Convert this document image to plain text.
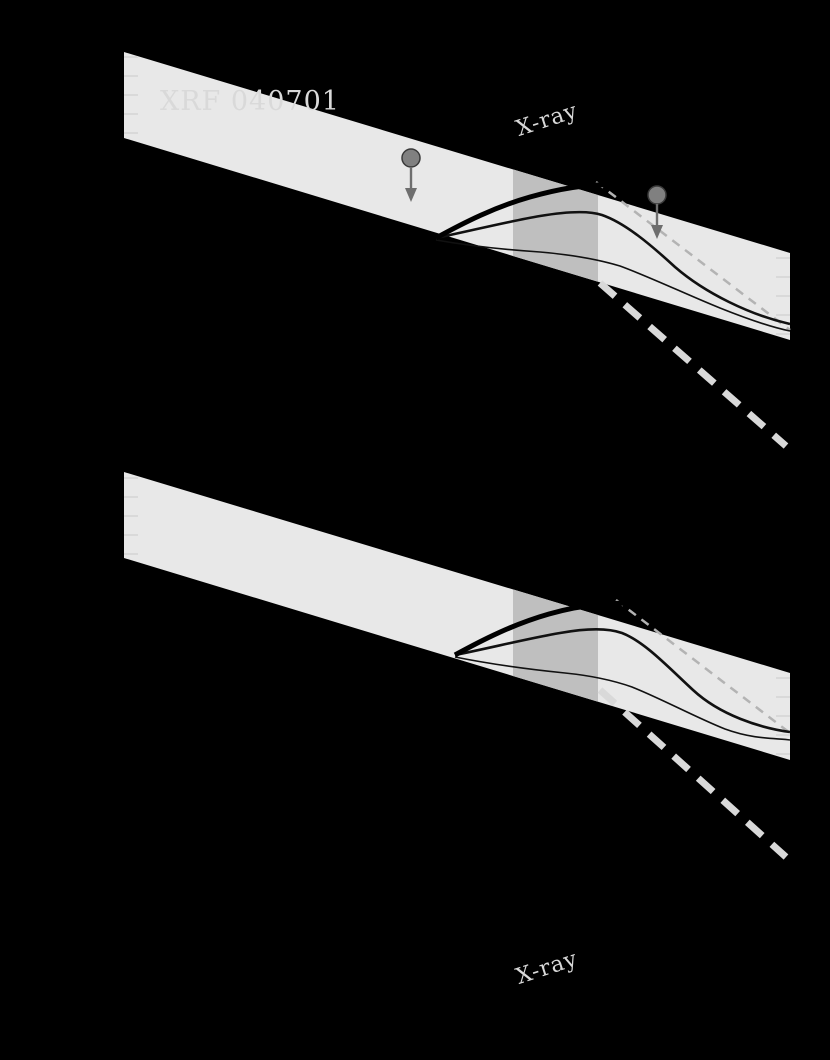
XRF 040701	X-ray
X-ray
